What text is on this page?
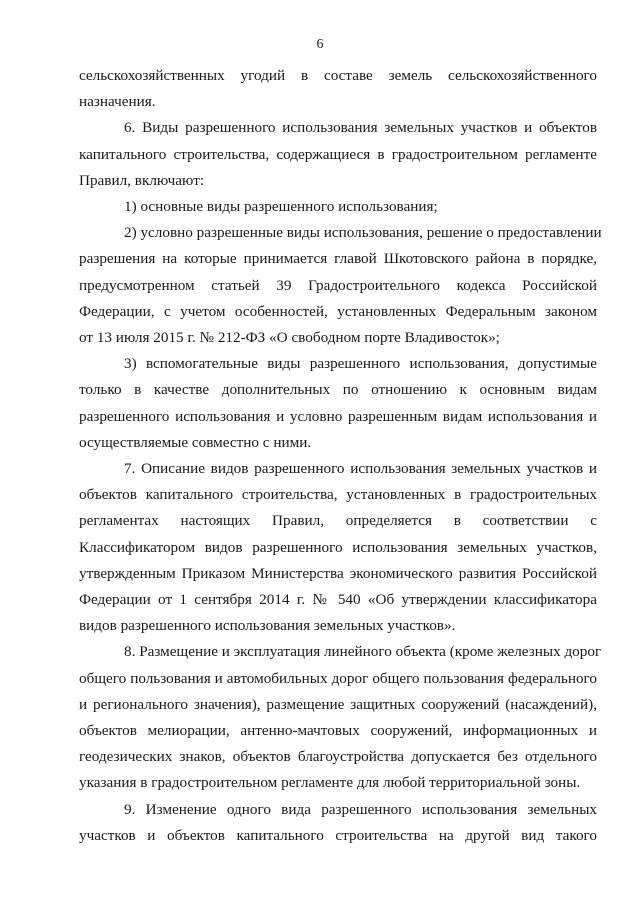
6

сельскохозяйственных угодий в составе земель сельскохозяйственного
назначения.

6. Виды разрешенного использования земельных участков и объектов
капитального строительства, содержащиеся в градостроительном регламенте
Правил, включают:

1) основные виды разрешенного использования;

2) условно разрешенные виды использования, решение о предоставлении
разрешения на которые принимается главой Шкотовского района в порядке,
предусмотренном статьей 39 Градостроительного кодекса Российской
Федерации, с учетом особенностей, установленных Федеральным законом
от 13 июля 2015 г. № 212-ФЗ «О свободном порте Владивосток»;

3) вспомогательные виды разрешенного использования, допустимые
только в качестве дополнительных по отношению к основным видам
разрешенного использования и условно разрешенным видам использования и
осуществляемые совместно с ними.

7. Описание видов разрешенного использования земельных участков и
объектов капитального строительства, установленных в градостроительных
регламентах настоящих Правил, определяется в соответствии с
Классификатором видов разрешенного использования земельных участков,
утвержденным Приказом Министерства экономического развития Российской
Федерации от 1 сентября 2014 г. № 540 «Об утверждении классификатора
видов разрешенного использования земельных участков».

8. Размещение и эксплуатация линейного объекта (кроме железных дорог
общего пользования и автомобильных дорог общего пользования федерального
и регионального значения), размещение защитных сооружений (насаждений),
объектов мелиорации, антенно-мачтовых сооружений, информационных и
геодезических знаков, объектов благоустройства допускается без отдельного
указания в градостроительном регламенте для любой территориальной зоны.

9. Изменение одного вида разрешенного использования земельных
участков и объектов капитального строительства на другой вид такого
